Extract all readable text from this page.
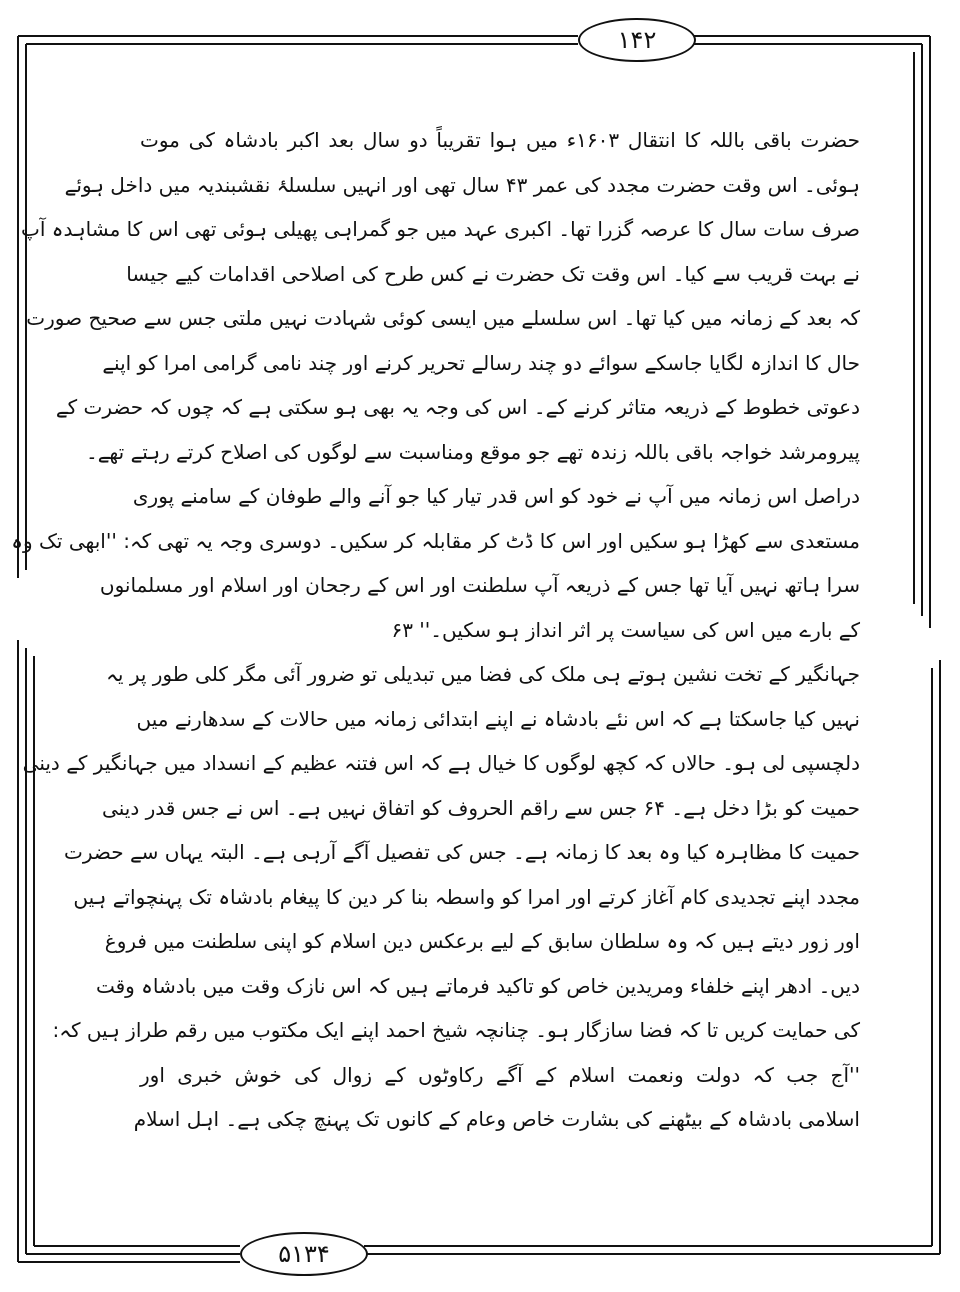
۱۴۲
۵۱۳۴
حضرت باقی باللہ کا انتقال ۱۶۰۳ء میں ہوا تقریباً دو سال بعد اکبر بادشاہ کی موت
ہوئی۔ اس وقت حضرت مجدد کی عمر ۴۳ سال تھی اور انہیں سلسلۂ نقشبندیہ میں داخل ہوئے
صرف سات سال کا عرصہ گزرا تھا۔ اکبری عہد میں جو گمراہی پھیلی ہوئی تھی اس کا مشاہدہ آپ
نے بہت قریب سے کیا۔ اس وقت تک حضرت نے کس طرح کی اصلاحی اقدامات کیے جیسا
کہ بعد کے زمانہ میں کیا تھا۔ اس سلسلے میں ایسی کوئی شہادت نہیں ملتی جس سے صحیح صورت
حال کا اندازہ لگایا جاسکے سوائے دو چند رسالے تحریر کرنے اور چند نامی گرامی امرا کو اپنے
دعوتی خطوط کے ذریعہ متاثر کرنے کے۔ اس کی وجہ یہ بھی ہو سکتی ہے کہ چوں کہ حضرت کے
پیرومرشد خواجہ باقی باللہ زندہ تھے جو موقع ومناسبت سے لوگوں کی اصلاح کرتے رہتے تھے۔
دراصل اس زمانہ میں آپ نے خود کو اس قدر تیار کیا جو آنے والے طوفان کے سامنے پوری
مستعدی سے کھڑا ہو سکیں اور اس کا ڈٹ کر مقابلہ کر سکیں۔ دوسری وجہ یہ تھی کہ: ''ابھی تک وہ
سرا ہاتھ نہیں آیا تھا جس کے ذریعہ آپ سلطنت اور اس کے رجحان اور اسلام اور مسلمانوں
کے بارے میں اس کی سیاست پر اثر انداز ہو سکیں۔'' ۶۳
جہانگیر کے تخت نشین ہوتے ہی ملک کی فضا میں تبدیلی تو ضرور آئی مگر کلی طور پر یہ
نہیں کیا جاسکتا ہے کہ اس نئے بادشاہ نے اپنے ابتدائی زمانہ میں حالات کے سدھارنے میں
دلچسپی لی ہو۔ حالاں کہ کچھ لوگوں کا خیال ہے کہ اس فتنہ عظیم کے انسداد میں جہانگیر کے دینی
حمیت کو بڑا دخل ہے۔ ۶۴ جس سے راقم الحروف کو اتفاق نہیں ہے۔ اس نے جس قدر دینی
حمیت کا مظاہرہ کیا وہ بعد کا زمانہ ہے۔ جس کی تفصیل آگے آرہی ہے۔ البتہ یہاں سے حضرت
مجدد اپنے تجدیدی کام آغاز کرتے اور امرا کو واسطہ بنا کر دین کا پیغام بادشاہ تک پہنچواتے ہیں
اور زور دیتے ہیں کہ وہ سلطان سابق کے لیے برعکس دین اسلام کو اپنی سلطنت میں فروغ
دیں۔ ادھر اپنے خلفاء ومریدین خاص کو تاکید فرماتے ہیں کہ اس نازک وقت میں بادشاہ وقت
کی حمایت کریں تا کہ فضا سازگار ہو۔ چنانچہ شیخ احمد اپنے ایک مکتوب میں رقم طراز ہیں کہ:
''آج جب کہ دولت ونعمت اسلام کے آگے رکاوٹوں کے زوال کی خوش خبری اور
اسلامی بادشاہ کے بیٹھنے کی بشارت خاص وعام کے کانوں تک پہنچ چکی ہے۔ اہل اسلام
